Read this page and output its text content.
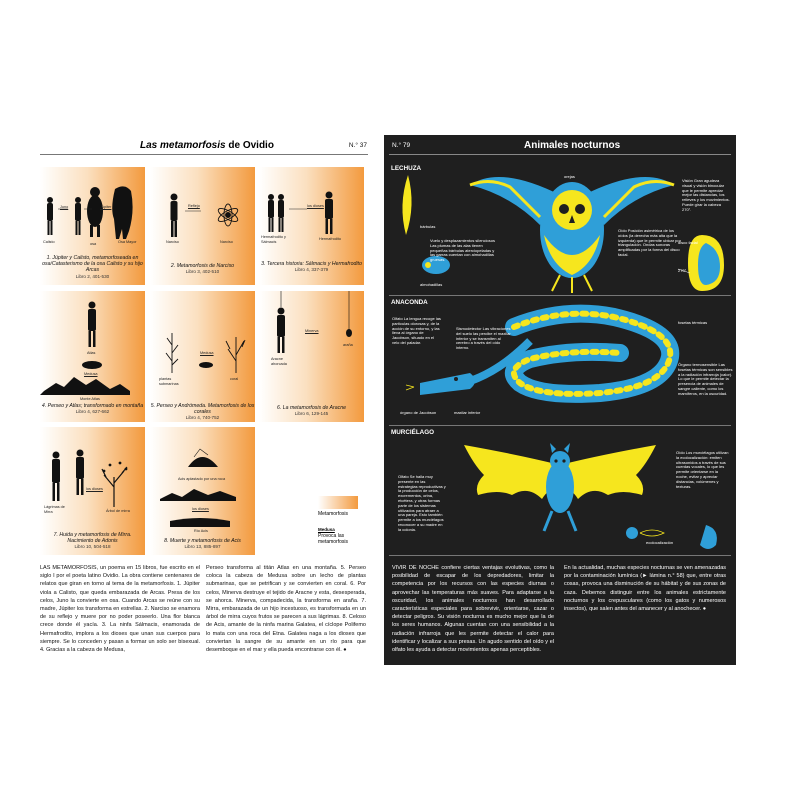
Las metamorfosis de Ovidio	N.° 37
Juno	Júpiter
Calisto	osa	Osa Mayor
1. Júpiter y Calisto, metamorfoseada en osa/Catasterismo de la osa Calisto y su hijo Arcas
Libro 2, 401-530
Reflejo
Narciso	Narciso
2. Metamorfosis de Narciso
Libro 3, 402-510
los dioses
Hermafrodito y Sálmacis
Hermafrodito
3. Tercera historia: Sálmacis y Hermafrodito
Libro 4, 337-379
Atlas
Medusa
Monte Atlas
4. Perseo y Atlas; transformado en montaña
Libro 4, 627-662
Medusa
plantas submarinas
coral
5. Perseo y Andrómeda. Metamorfosis de los corales
Libro 4, 740-752
Minerva
Aracne ahorcada
araña
6. La metamorfosis de Aracne
Libro 6, 129-145
los dioses
Lágrimas de Mirra	Árbol de mirra
7. Huida y metamorfosis de Mirra. Nacimiento de Adonis
Libro 10, 504-518
Acis aplastado por una roca
los dioses
Río Acis
8. Muerte y metamorfosis de Acis
Libro 13, 885-897
Metamorfosis
Medusa
Provoca las metamorfosis
LAS METAMORFOSIS, un poema en 15 libros, fue escrito en el siglo I por el poeta latino Ovidio. La obra contiene centenares de relatos que giran en torno al tema de la metamorfosis. 1. Júpiter viola a Calisto, que queda embarazada de Arcas. Presa de los celos, Juno la convierte en osa. Cuando Arcas se reúne con su madre, Júpiter los transforma en estrellas. 2. Narciso se enamora de su reflejo y muere por no poder poseerlo. Una flor blanca crece donde él yacía. 3. La ninfa Sálmacis, enamorada de Hermafrodito, implora a los dioses que unan sus cuerpos para siempre. Se lo conceden y pasan a formar un solo ser bisexual. 4. Gracias a la cabeza de Medusa,
Perseo transforma al titán Atlas en una montaña. 5. Perseo coloca la cabeza de Medusa sobre un lecho de plantas submarinas, que se petrifican y se convierten en coral. 6. Por celos, Minerva destruye el tejido de Aracne y esta, desesperada, se ahorca. Minerva, compadecida, la transforma en araña. 7. Mirra, embarazada de un hijo incestuoso, es transformada en un árbol de mirra cuyos frutos se parecen a sus lágrimas. 8. Celoso de Acis, amante de la ninfa marina Galatea, el cíclope Polifemo lo mata con una roca del Etna. Galatea naga a los dioses que conviertan la sangre de su amante en un río para que desemboque en el mar y ella pueda encontrarse con él. ●
N.° 79	Animales nocturnos
LECHUZA
orejas
bárbulas
almohadillas
Vuelo y desplazamientos silenciosos Las plumas de las alas tienen pequeñas bárbulas aterciopeladas y las garras cuentan con almohadillas gruesas.
Oído Posición asimétrica de los oídos (la derecha más alta que la izquierda) que le permite ubicar por triangulación. Ondas sonoras amplificadas por la forma del disco facial.
Visión Gran agudeza visual y visión binocular que le permite apreciar mejor las distancias, los relieves y los movimientos. Puede girar la cabeza 270°.
disco facial
270°
ANACONDA
Olfato La lengua recoge las partículas olorosas y, de la acción de su entorno, y las lleva al órgano de Jacobson, situado en el velo del paladar.
Sismodetector Las vibraciones del suelo las percibe el maxilar inferior y se transmiten al cerebro a través del oído interno.
fosetas térmicas
Órgano termosensible Las fosetas térmicas son sensibles a la radiación infrarroja (calor). Lo que le permite detectar la presencia de animales de sangre caliente, como los mamíferos, en la oscuridad.
órgano de Jacobson	maxilar inferior
MURCIÉLAGO
Olfato Se halla muy presente en las estrategias reproductivas y la producción de celos, excrementos, orina, etcétera, y otras formas parte de los sistemas utilizados para atraer a una pareja. Esto también permite a los murciélagos reconocer a su madre en la colonia.
Oído Los murciélagos utilizan la ecolocalización: emiten ultrasonidos a través de sus cuerdas vocales, lo que les permite orientarse en la noche, evitar y apreciar distancias, volúmenes y texturas.
ecolocalización
VIVIR DE NOCHE confiere ciertas ventajas evolutivas, como la posibilidad de escapar de los depredadores, limitar la competencia por los recursos con las especies diurnas o aprovechar las temperaturas más suaves. Para adaptarse a la oscuridad, los animales nocturnos han desarrollado características especiales para sobrevivir, orientarse, cazar o detectar peligros. Su visión nocturna es mucho mejor que la de los seres humanos. Algunas cuentan con una sensibilidad a la radiación infrarroja que les permite detectar el calor para identificar y localizar a sus presas. Un agudo sentido del oído y el olfato les ayuda a detectar movimientos apenas perceptibles.
En la actualidad, muchas especies nocturnas se ven amenazadas por la contaminación lumínica (► lámina n.° 58) que, entre otras cosas, provoca una disminución de su hábitat y de sus zonas de caza. Debemos distinguir entre los animales estrictamente nocturnos y los crepusculares (como los gatos y numerosos insectos), que salen antes del amanecer y al anochecer. ●
